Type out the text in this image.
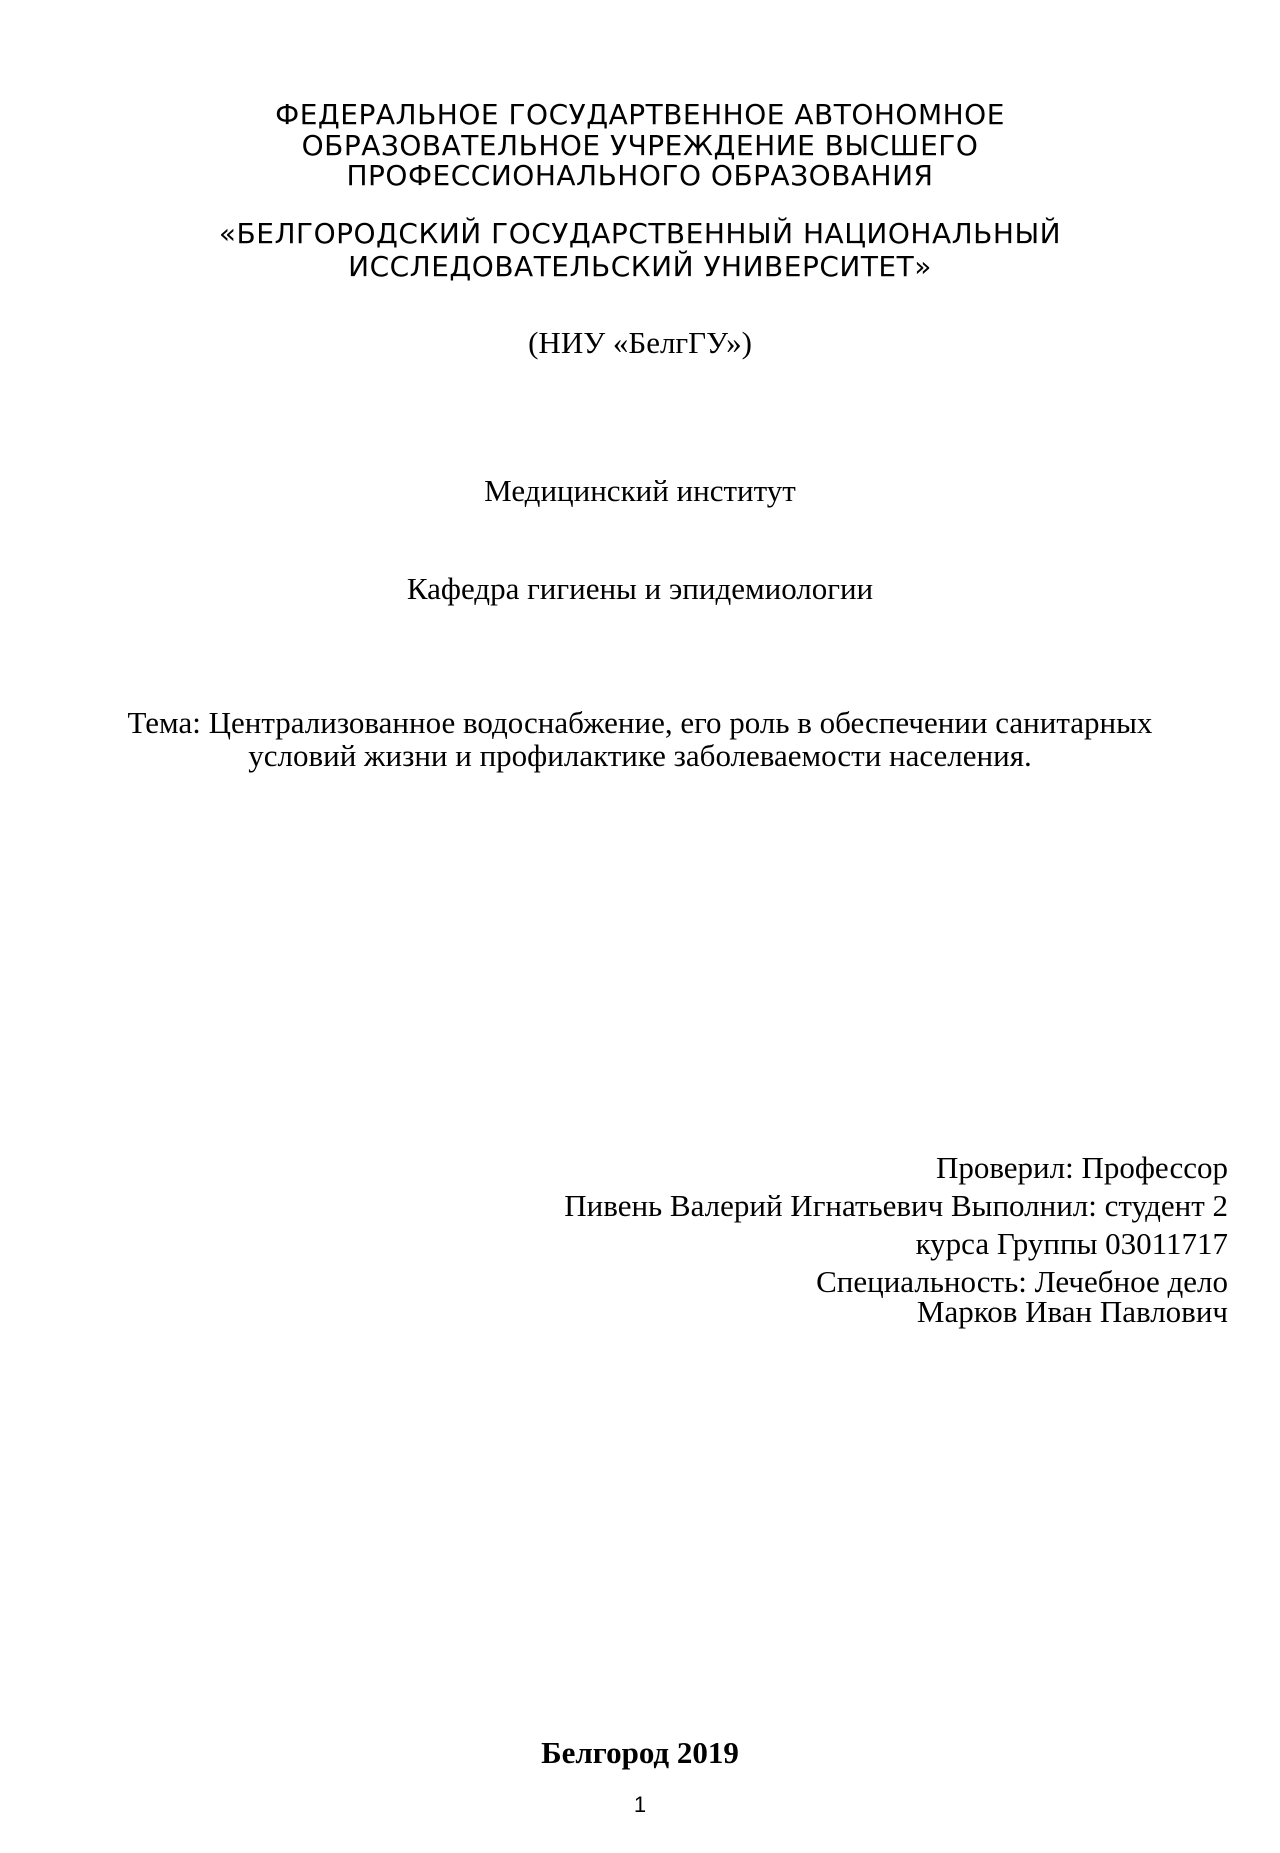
ФЕДЕРАЛЬНОЕ ГОСУДАРТВЕННОЕ АВТОНОМНОЕ

ОБРАЗОВАТЕЛЬНОЕ УЧРЕЖДЕНИЕ ВЫСШЕГО

ПРОФЕССИОНАЛЬНОГО ОБРАЗОВАНИЯ

«БЕЛГОРОДСКИЙ ГОСУДАРСТВЕННЫЙ НАЦИОНАЛЬНЫЙ

ИССЛЕДОВАТЕЛЬСКИЙ УНИВЕРСИТЕТ»

(НИУ «БелгГУ»)

Медицинский институт

Кафедра гигиены и эпидемиологии

Тема: Централизованное водоснабжение, его роль в обеспечении санитарных

условий жизни и профилактике заболеваемости населения.

Проверил: Профессор

Пивень Валерий Игнатьевич Выполнил: студент 2

курса Группы 03011717

Специальность: Лечебное дело

Марков Иван Павлович

Белгород 2019

1
